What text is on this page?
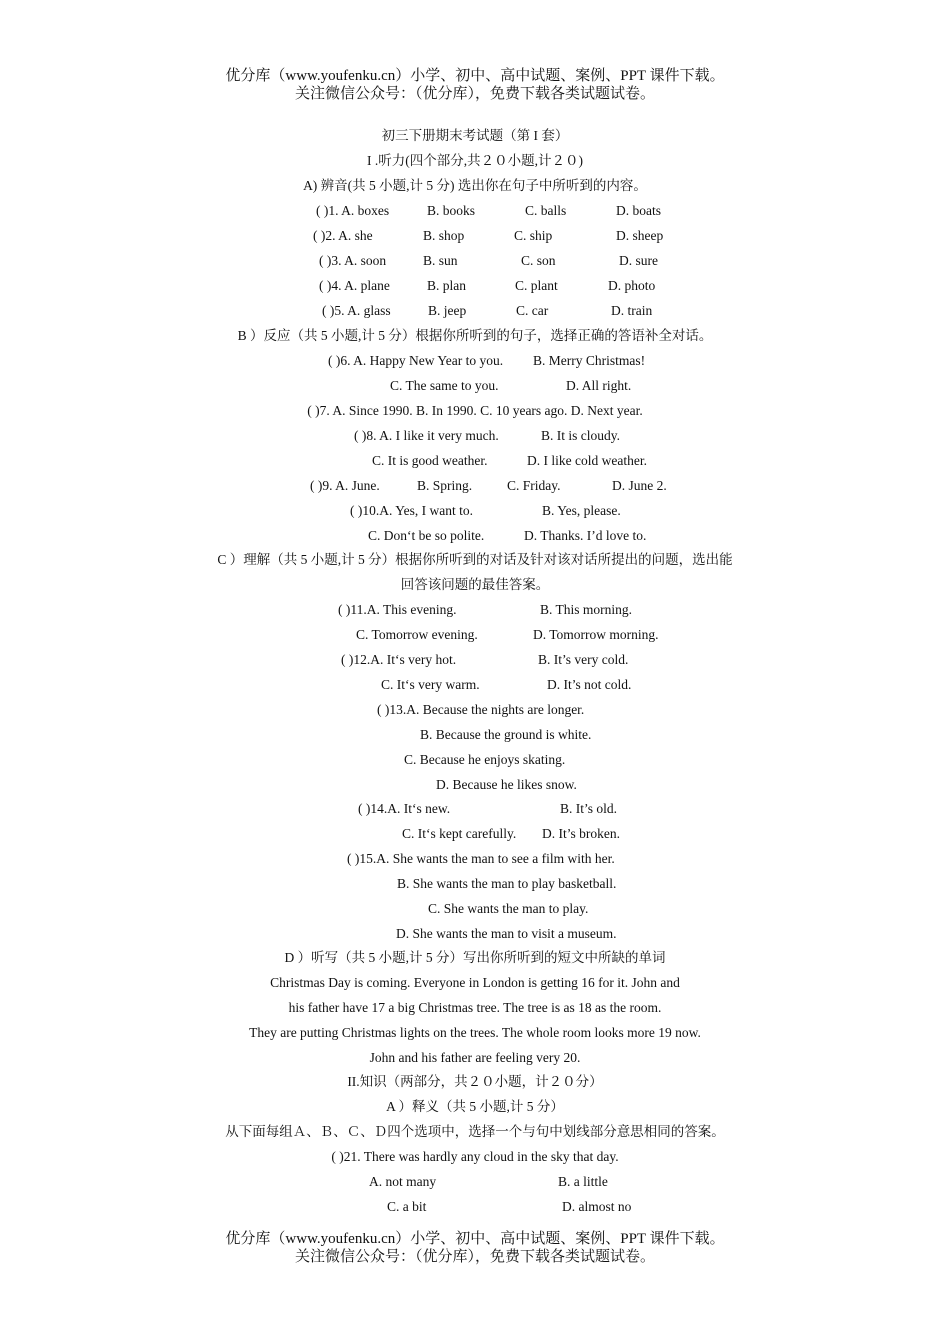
优分库（www.youfenku.cn）小学、初中、高中试题、案例、PPT 课件下载。
关注微信公众号：（优分库），免费下载各类试题试卷。
初三下册期末考试题（第 I 套）
I .听力(四个部分,共２０小题,计２０)
A) 辨音(共 5 小题,计 5 分) 选出你在句子中所听到的内容。
( )1. A. boxes	B. books	C. balls	D. boats
( )2. A. she	B. shop	C. ship	D. sheep
( )3. A. soon	B. sun	C. son	D. sure
( )4. A. plane	B. plan	C. plant	D. photo
( )5. A. glass	B. jeep	C. car	D. train
B ）反应（共 5 小题,计 5 分）根据你所听到的句子，选择正确的答语补全对话。
( )6. A. Happy New Year to you. B. Merry Christmas!
C. The same to you.	D. All right.
( )7. A. Since 1990. B. In 1990. C. 10 years ago. D. Next year.
( )8. A. I like it very much.	B. It is cloudy.
C. It is good weather.	D. I like cold weather.
( )9. A. June.	B. Spring.	C. Friday.	D. June 2.
( )10.A. Yes, I want to.	B. Yes, please.
C. Don‘t be so polite.	D. Thanks. I’d love to.
C ）理解（共 5 小题,计 5 分）根据你所听到的对话及针对该对话所提出的问题，选出能
回答该问题的最佳答案。
( )11.A. This evening.	B. This morning.
C. Tomorrow evening.	D. Tomorrow morning.
( )12.A. It‘s very hot.	B. It’s very cold.
C. It‘s very warm.	D. It’s not cold.
( )13.A. Because the nights are longer.
B. Because the ground is white.
C. Because he enjoys skating.
D. Because he likes snow.
( )14.A. It‘s new.	B. It’s old.
C. It‘s kept carefully. D. It’s broken.
( )15.A. She wants the man to see a film with her.
B. She wants the man to play basketball.
C. She wants the man to play.
D. She wants the man to visit a museum.
D ）听写（共 5 小题,计 5 分）写出你所听到的短文中所缺的单词
Christmas Day is coming. Everyone in London is getting 16 for it. John and
his father have 17 a big Christmas tree. The tree is as 18 as the room.
They are putting Christmas lights on the trees. The whole room looks more 19 now.
John and his father are feeling very 20.
II.知识（两部分，共２０小题，计２０分）
A ）释义（共 5 小题,计 5 分）
从下面每组Ａ、Ｂ、Ｃ、Ｄ四个选项中，选择一个与句中划线部分意思相同的答案。
( )21. There was hardly any cloud in the sky that day.
A. not many	B. a little
C. a bit	D. almost no
优分库（www.youfenku.cn）小学、初中、高中试题、案例、PPT 课件下载。
关注微信公众号：（优分库），免费下载各类试题试卷。
